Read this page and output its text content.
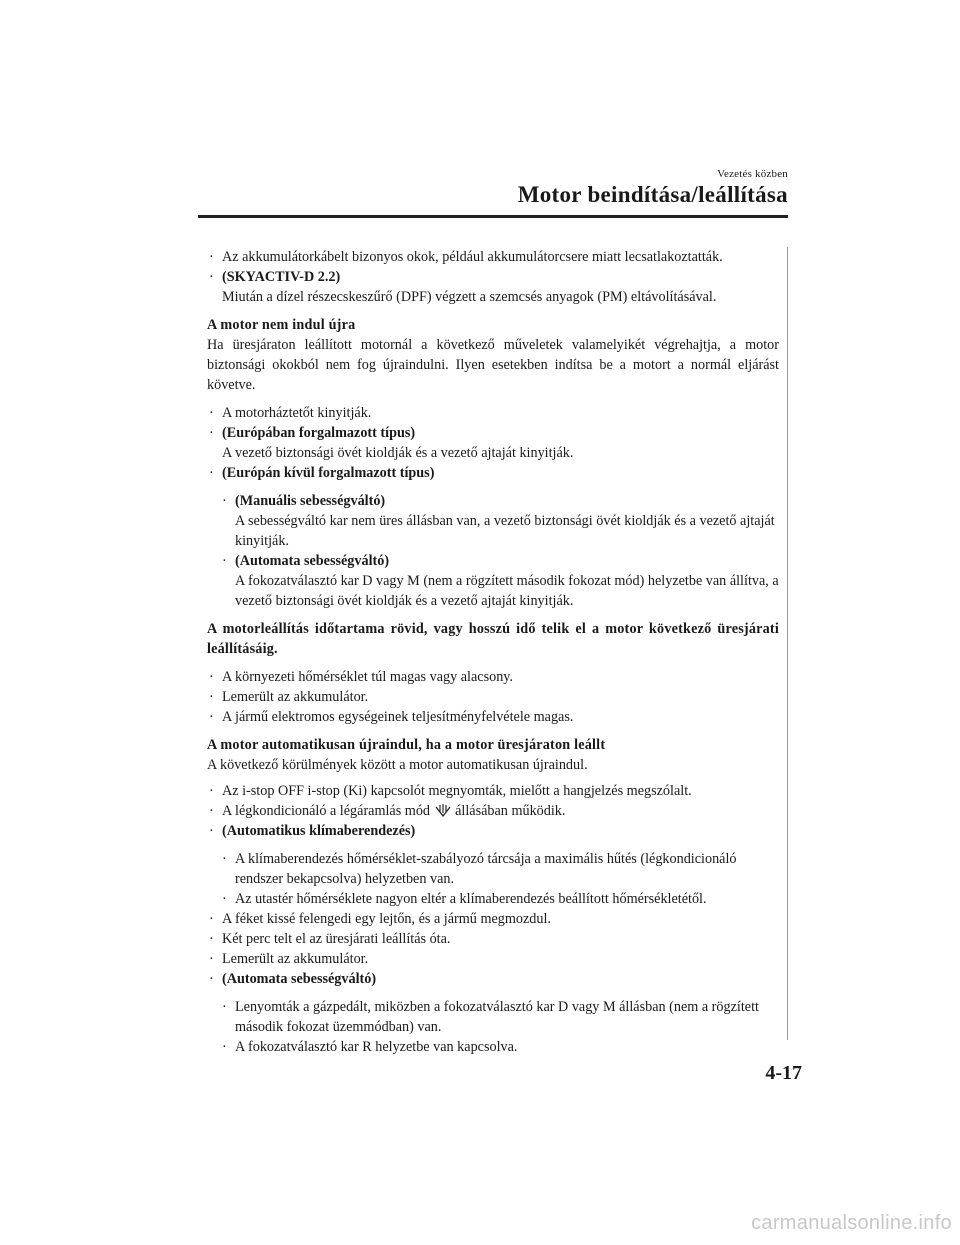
Vezetés közben
Motor beindítása/leállítása
· Az akkumulátorkábelt bizonyos okok, például akkumulátorcsere miatt lecsatlakoztatták.
· (SKYACTIV-D 2.2)
Miután a dízel részecskeszűrő (DPF) végzett a szemcsés anyagok (PM) eltávolításával.
A motor nem indul újra
Ha üresjáraton leállított motornál a következő műveletek valamelyikét végrehajtja, a motor biztonsági okokból nem fog újraindulni. Ilyen esetekben indítsa be a motort a normál eljárást követve.
· A motorháztetőt kinyitják.
· (Európában forgalmazott típus)
A vezető biztonsági övét kioldják és a vezető ajtaját kinyitják.
· (Európán kívül forgalmazott típus)
· (Manuális sebességváltó)
A sebességváltó kar nem üres állásban van, a vezető biztonsági övét kioldják és a vezető ajtaját kinyitják.
· (Automata sebességváltó)
A fokozatválasztó kar D vagy M (nem a rögzített második fokozat mód) helyzetbe van állítva, a vezető biztonsági övét kioldják és a vezető ajtaját kinyitják.
A motorleállítás időtartama rövid, vagy hosszú idő telik el a motor következő üresjárati leállításáig.
· A környezeti hőmérséklet túl magas vagy alacsony.
· Lemerült az akkumulátor.
· A jármű elektromos egységeinek teljesítményfelvétele magas.
A motor automatikusan újraindul, ha a motor üresjáraton leállt
A következő körülmények között a motor automatikusan újraindul.
· Az i-stop OFF i-stop (Ki) kapcsolót megnyomták, mielőtt a hangjelzés megszólalt.
· A légkondicionáló a légáramlás mód állásában működik.
· (Automatikus klímaberendezés)
· A klímaberendezés hőmérséklet-szabályozó tárcsája a maximális hűtés (légkondicionáló rendszer bekapcsolva) helyzetben van.
· Az utastér hőmérséklete nagyon eltér a klímaberendezés beállított hőmérsékletétől.
· A féket kissé felengedi egy lejtőn, és a jármű megmozdul.
· Két perc telt el az üresjárati leállítás óta.
· Lemerült az akkumulátor.
· (Automata sebességváltó)
· Lenyomták a gázpedált, miközben a fokozatválasztó kar D vagy M állásban (nem a rögzített második fokozat üzemmódban) van.
· A fokozatválasztó kar R helyzetbe van kapcsolva.
4-17
carmanualsonline.info
